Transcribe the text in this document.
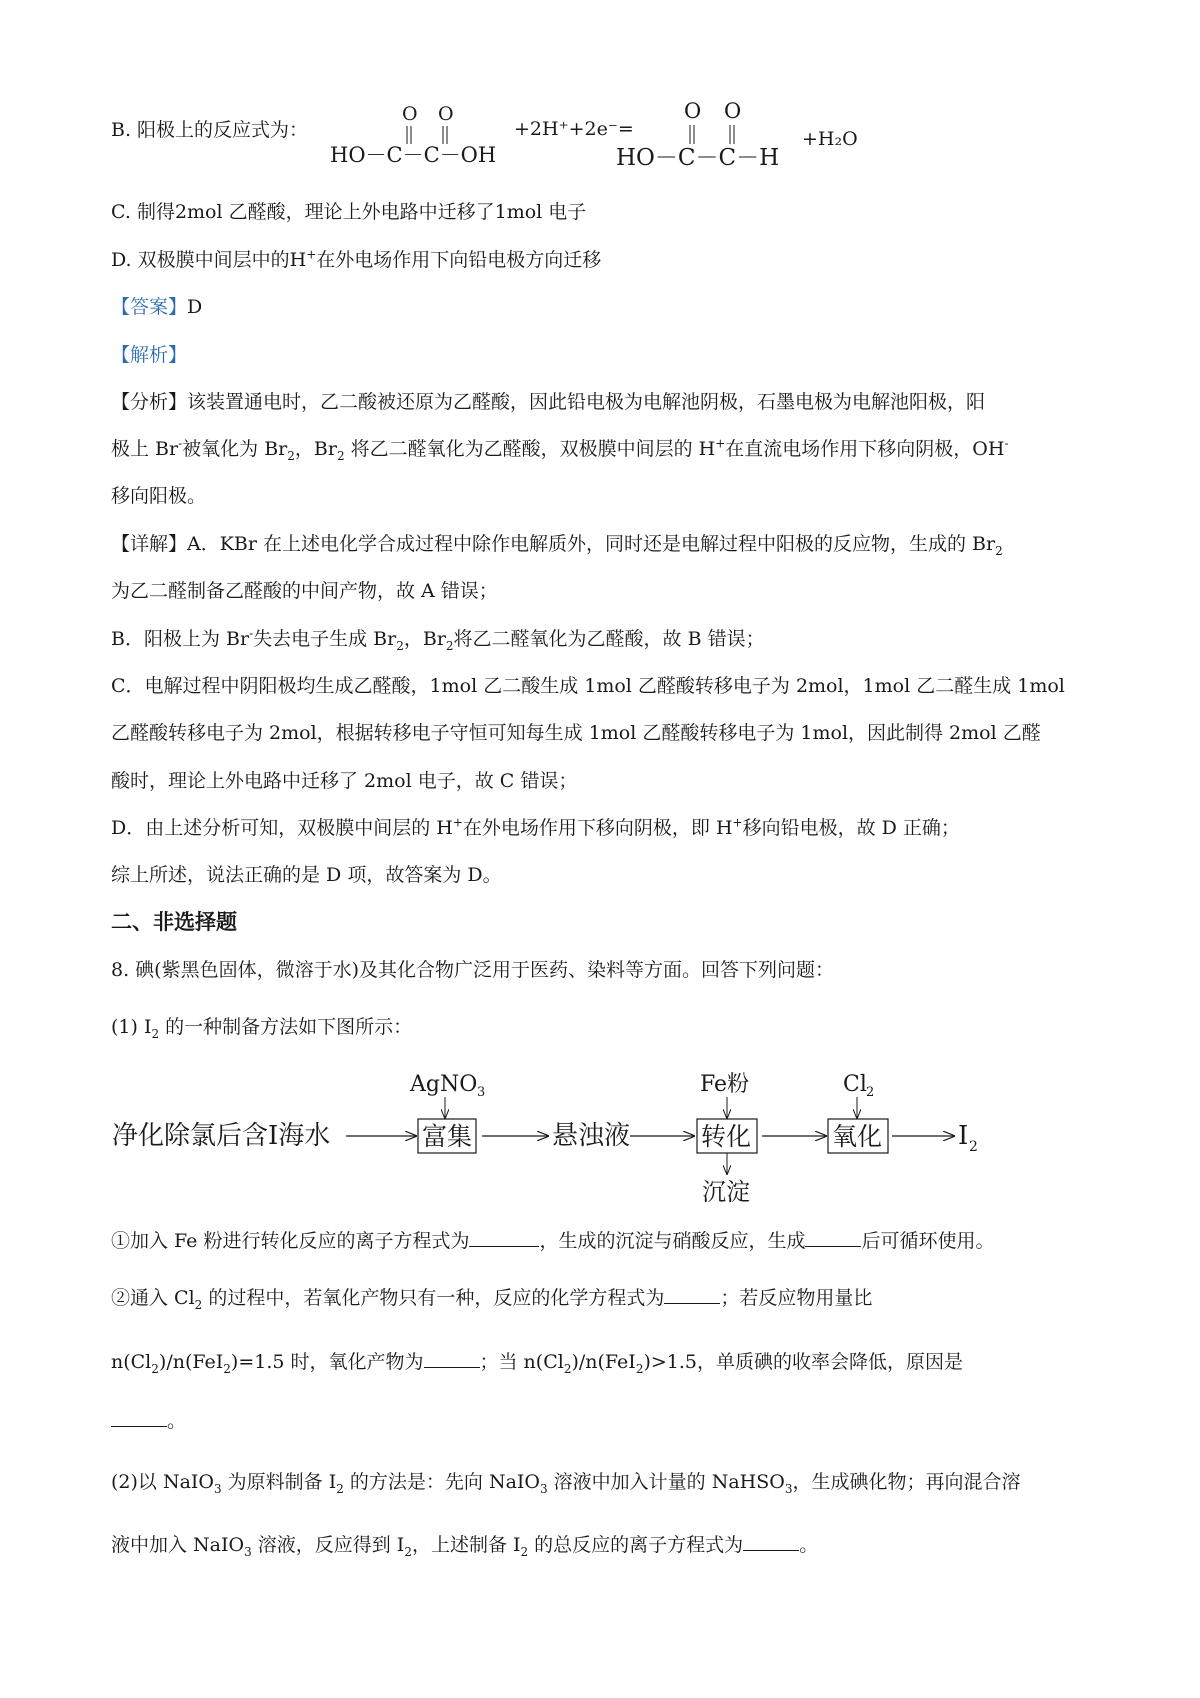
B. 阳极上的反应式为：
O O
HO－C－C－OH
+2H⁺+2e⁻=
O O
HO－C－C－H
+H₂O
C. 制得2mol 乙醛酸，理论上外电路中迁移了1mol 电子
D. 双极膜中间层中的H+在外电场作用下向铅电极方向迁移
【答案】D
【解析】
【分析】该装置通电时，乙二酸被还原为乙醛酸，因此铅电极为电解池阴极，石墨电极为电解池阳极，阳
极上 Br-被氧化为 $Br_2$，$Br_2$ 将乙二醛氧化为乙醛酸，双极膜中间层的 H+在直流电场作用下移向阴极，OH-
移向阳极。
【详解】A．KBr 在上述电化学合成过程中除作电解质外，同时还是电解过程中阳极的反应物，生成的 $Br_2$
为乙二醛制备乙醛酸的中间产物，故 A 错误；
B．阳极上为 Br-失去电子生成 $Br_2$，$Br_2$将乙二醛氧化为乙醛酸，故 B 错误；
C．电解过程中阴阳极均生成乙醛酸，1mol 乙二酸生成 1mol 乙醛酸转移电子为 2mol，1mol 乙二醛生成 1mol
乙醛酸转移电子为 2mol，根据转移电子守恒可知每生成 1mol 乙醛酸转移电子为 1mol，因此制得 2mol 乙醛
酸时，理论上外电路中迁移了 2mol 电子，故 C 错误；
D．由上述分析可知，双极膜中间层的 H+在外电场作用下移向阴极，即 H+移向铅电极，故 D 正确；
综上所述，说法正确的是 D 项，故答案为 D。
二、非选择题
8. 碘(紫黑色固体，微溶于水)及其化合物广泛用于医药、染料等方面。回答下列问题：
(1) $I_2$ 的一种制备方法如下图所示：
净化除氯后含I海水
AgNO 3
富集	悬浊液
Fe粉
转化
沉淀
Cl 2
氧化	I 2
①加入 Fe 粉进行转化反应的离子方程式为	，生成的沉淀与硝酸反应，生成	后可循环使用。
②通入 $Cl_2$ 的过程中，若氧化产物只有一种，反应的化学方程式为	；若反应物用量比
$n(Cl_2)/n(FeI_2)=1.5$ 时，氧化产物为	；当 $n(Cl_2)/n(FeI_2)>1.5$，单质碘的收率会降低，原因是
。
(2)以 NaIO$_3$ 为原料制备 $I_2$ 的方法是：先向 NaIO$_3$ 溶液中加入计量的 NaHSO$_3$，生成碘化物；再向混合溶
液中加入 NaIO$_3$ 溶液，反应得到 $I_2$，上述制备 $I_2$ 的总反应的离子方程式为	。
